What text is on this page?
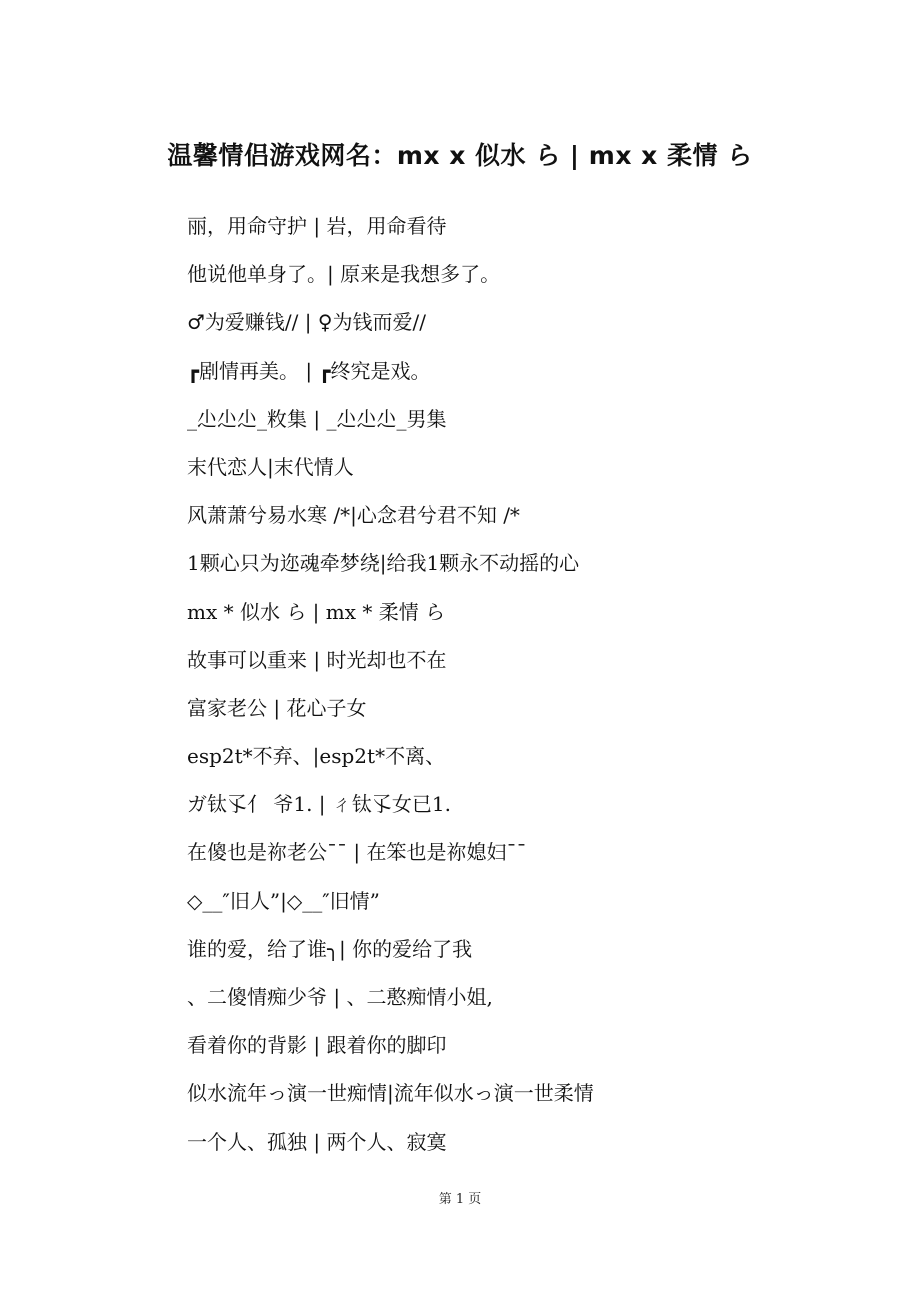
温馨情侣游戏网名：mx x 似水 ら | mx x 柔情 ら
丽，用命守护 | 岩，用命看待
他说他单身了。| 原来是我想多了。
♂为爱赚钱// | ♀为钱而爱//
┏剧情再美。 | ┏终究是戏。
_尐尐尐_敉集 | _尐尐尐_男集
末代恋人|末代情人
风萧萧兮易水寒 /*|心念君兮君不知 /*
1颗心只为迩魂牵梦绕|给我1颗永不动摇的心
mx * 似水 ら | mx * 柔情 ら
故事可以重来 | 时光却也不在
富家老公 | 花心子女
esp2t*不弃、|esp2t*不离、
ガ钛孓亻 爷1. | ㄔ钛孓女已1.
在傻也是祢老公ˉˉ | 在笨也是祢媳妇ˉˉ
◇__″旧人”|◇__″旧情”
谁的爱，给了谁╮| 你的爱给了我
、二傻情痴少爷 | 、二憨痴情小姐,
看着你的背影 | 跟着你的脚印
似水流年っ演一世痴情|流年似水っ演一世柔情
一个人、孤独 | 两个人、寂寞
第 1 页
